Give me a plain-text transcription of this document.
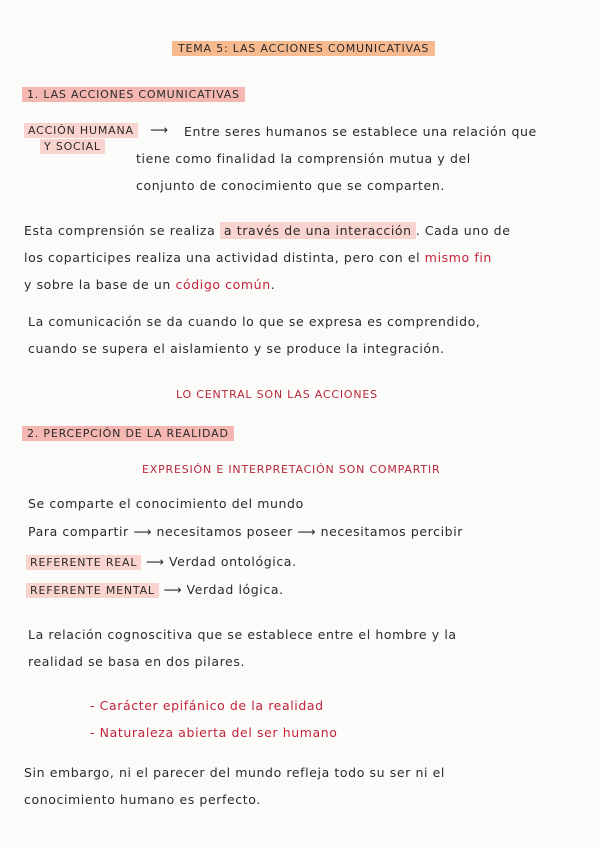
TEMA 5: LAS ACCIONES COMUNICATIVAS
1. LAS ACCIONES COMUNICATIVAS
ACCIÓN HUMANA
Y SOCIAL
⟶ Entre seres humanos se establece una relación que
tiene como finalidad la comprensión mutua y del
conjunto de conocimiento que se comparten.
Esta comprensión se realiza a través de una interacción . Cada uno de
los coparticipes realiza una actividad distinta, pero con el mismo fin
y sobre la base de un código común.
La comunicación se da cuando lo que se expresa es comprendido,
cuando se supera el aislamiento y se produce la integración.
LO CENTRAL SON LAS ACCIONES
2. PERCEPCIÓN DE LA REALIDAD
EXPRESIÓN E INTERPRETACIÓN SON COMPARTIR
Se comparte el conocimiento del mundo
Para compartir ⟶ necesitamos poseer ⟶ necesitamos percibir
REFERENTE REAL ⟶ Verdad ontológica.
REFERENTE MENTAL ⟶ Verdad lógica.
La relación cognoscitiva que se establece entre el hombre y la
realidad se basa en dos pilares.
- Carácter epifánico de la realidad
- Naturaleza abierta del ser humano
Sin embargo, ni el parecer del mundo refleja todo su ser ni el
conocimiento humano es perfecto.
